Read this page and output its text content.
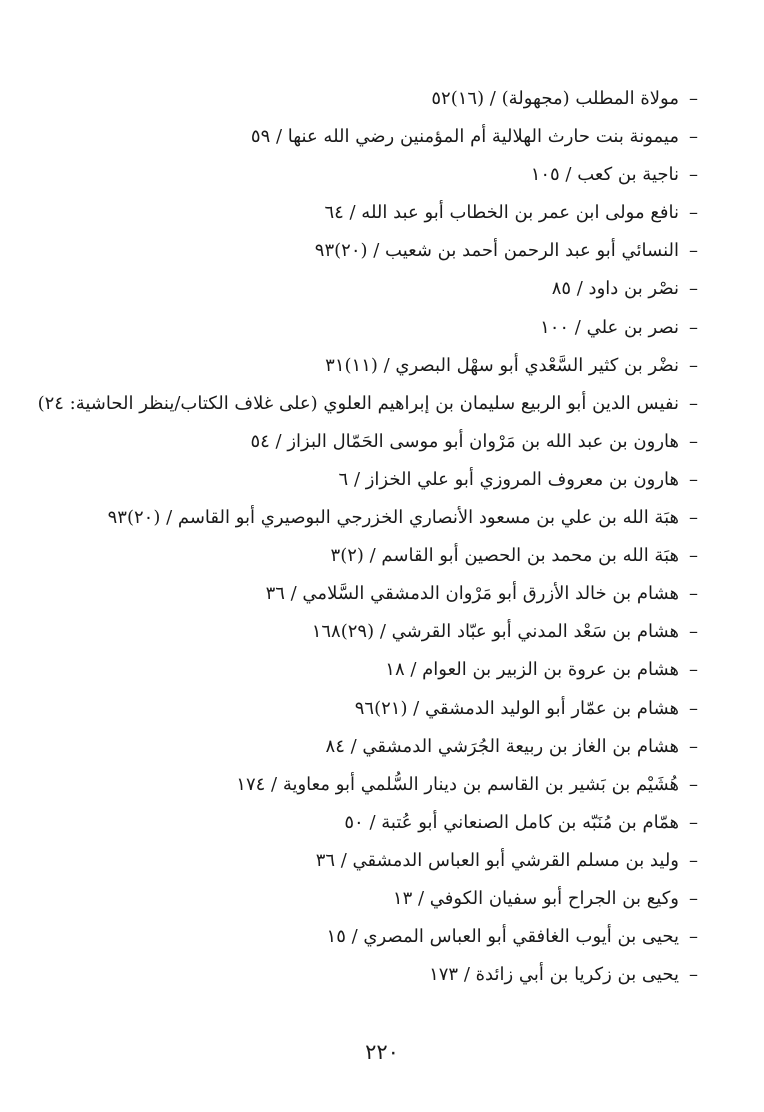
–مولاة المطلب (مجهولة) / (١٦)٥٢
–ميمونة بنت حارث الهلالية أم المؤمنين رضي الله عنها / ٥٩
–ناجية بن كعب / ١٠٥
–نافع مولى ابن عمر بن الخطاب أبو عبد الله / ٦٤
–النسائي أبو عبد الرحمن أحمد بن شعيب / (٢٠)٩٣
–نصْر بن داود / ٨٥
–نصر بن علي / ١٠٠
–نضْر بن كثير السَّعْدي أبو سهْل البصري / (١١)٣١
–نفيس الدين أبو الربيع سليمان بن إبراهيم العلوي (على غلاف الكتاب/ينظر الحاشية: ٢٤)
–هارون بن عبد الله بن مَرْوان أبو موسى الحَمّال البزاز / ٥٤
–هارون بن معروف المروزي أبو علي الخزاز / ٦
–هبَة الله بن علي بن مسعود الأنصاري الخزرجي البوصيري أبو القاسم / (٢٠)٩٣
–هبَة الله بن محمد بن الحصين أبو القاسم / (٢)٣
–هشام بن خالد الأزرق أبو مَرْوان الدمشقي السَّلامي / ٣٦
–هشام بن سَعْد المدني أبو عبّاد القرشي / (٢٩)١٦٨
–هشام بن عروة بن الزبير بن العوام / ١٨
–هشام بن عمّار أبو الوليد الدمشقي / (٢١)٩٦
–هشام بن الغاز بن ربيعة الجُرَشي الدمشقي / ٨٤
–هُشَيْم بن بَشير بن القاسم بن دينار السُّلمي أبو معاوية / ١٧٤
–همّام بن مُنَبّه بن كامل الصنعاني أبو عُتبة / ٥٠
–وليد بن مسلم القرشي أبو العباس الدمشقي / ٣٦
–وكيع بن الجراح أبو سفيان الكوفي / ١٣
–يحيى بن أيوب الغافقي أبو العباس المصري / ١٥
–يحيى بن زكريا بن أبي زائدة / ١٧٣
٢٢٠
